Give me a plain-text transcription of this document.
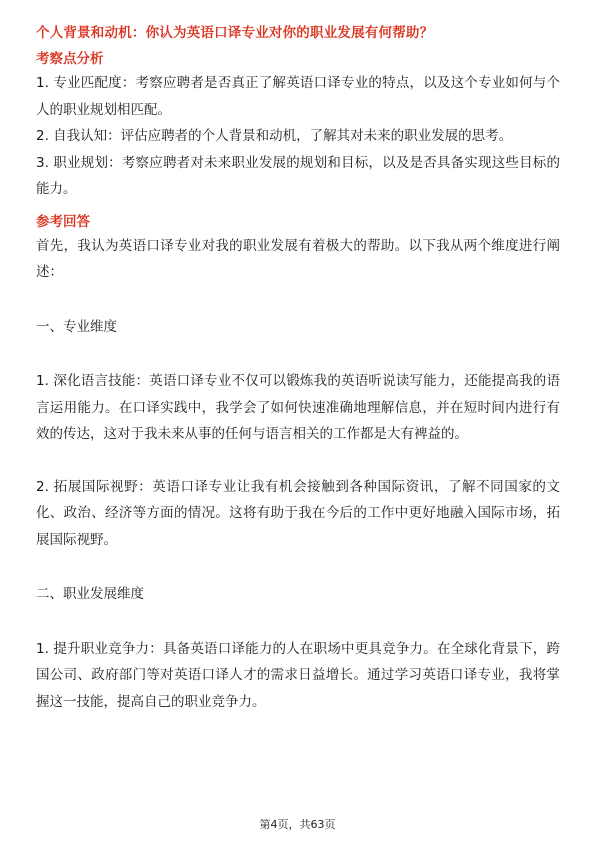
个人背景和动机：你认为英语口译专业对你的职业发展有何帮助？

考察点分析

1. 专业匹配度：考察应聘者是否真正了解英语口译专业的特点，以及这个专业如何与个人的职业规划相匹配。

2. 自我认知：评估应聘者的个人背景和动机，了解其对未来的职业发展的思考。

3. 职业规划：考察应聘者对未来职业发展的规划和目标，以及是否具备实现这些目标的能力。

参考回答

首先，我认为英语口译专业对我的职业发展有着极大的帮助。以下我从两个维度进行阐述：

一、专业维度

1. 深化语言技能：英语口译专业不仅可以锻炼我的英语听说读写能力，还能提高我的语言运用能力。在口译实践中，我学会了如何快速准确地理解信息，并在短时间内进行有效的传达，这对于我未来从事的任何与语言相关的工作都是大有裨益的。

2. 拓展国际视野：英语口译专业让我有机会接触到各种国际资讯，了解不同国家的文化、政治、经济等方面的情况。这将有助于我在今后的工作中更好地融入国际市场，拓展国际视野。

二、职业发展维度

1. 提升职业竞争力：具备英语口译能力的人在职场中更具竞争力。在全球化背景下，跨国公司、政府部门等对英语口译人才的需求日益增长。通过学习英语口译专业，我将掌握这一技能，提高自己的职业竞争力。

第4页，共63页
